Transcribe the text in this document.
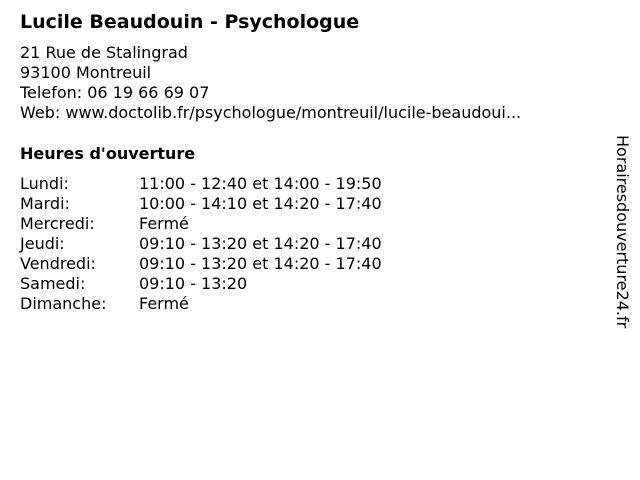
Lucile Beaudouin - Psychologue
21 Rue de Stalingrad
93100 Montreuil
Telefon: 06 19 66 69 07
Web: www.doctolib.fr/psychologue/montreuil/lucile-beaudoui...
Heures d'ouverture
Lundi:	11:00 - 12:40 et 14:00 - 19:50
Mardi:	10:00 - 14:10 et 14:20 - 17:40
Mercredi:	Fermé
Jeudi:	09:10 - 13:20 et 14:20 - 17:40
Vendredi:	09:10 - 13:20 et 14:20 - 17:40
Samedi:	09:10 - 13:20
Dimanche: Fermé	Horairesdouverture24.fr
